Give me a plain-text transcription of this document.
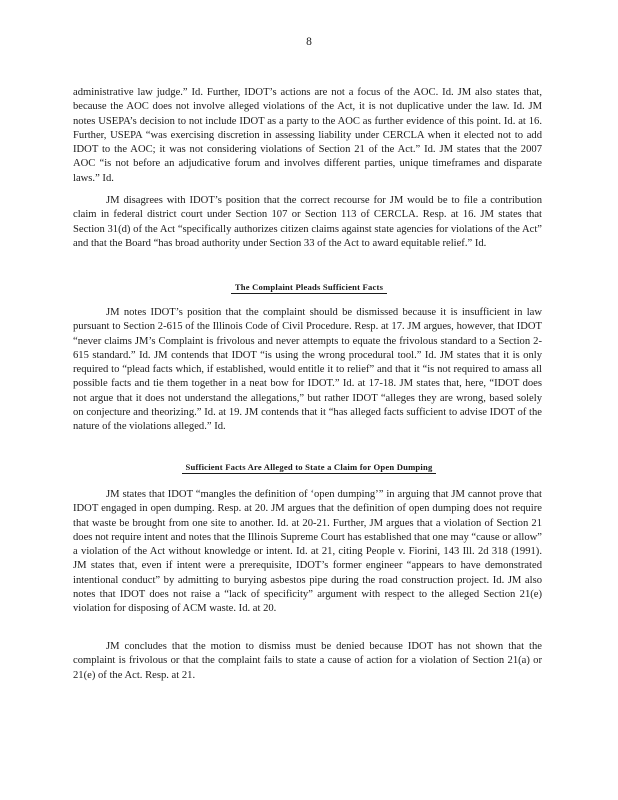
8

administrative law judge.” Id. Further, IDOT’s actions are not a focus of the AOC. Id. JM also states that, because the AOC does not involve alleged violations of the Act, it is not duplicative under the law. Id. JM notes USEPA’s decision to not include IDOT as a party to the AOC as further evidence of this point. Id. at 16. Further, USEPA “was exercising discretion in assessing liability under CERCLA when it elected not to add IDOT to the AOC; it was not considering violations of Section 21 of the Act.” Id. JM states that the 2007 AOC “is not before an adjudicative forum and involves different parties, unique timeframes and disparate laws.” Id.

JM disagrees with IDOT’s position that the correct recourse for JM would be to file a contribution claim in federal district court under Section 107 or Section 113 of CERCLA. Resp. at 16. JM states that Section 31(d) of the Act “specifically authorizes citizen claims against state agencies for violations of the Act” and that the Board “has broad authority under Section 33 of the Act to award equitable relief.” Id.

The Complaint Pleads Sufficient Facts

JM notes IDOT’s position that the complaint should be dismissed because it is insufficient in law pursuant to Section 2-615 of the Illinois Code of Civil Procedure. Resp. at 17. JM argues, however, that IDOT “never claims JM’s Complaint is frivolous and never attempts to equate the frivolous standard to a Section 2-615 standard.” Id. JM contends that IDOT “is using the wrong procedural tool.” Id. JM states that it is only required to “plead facts which, if established, would entitle it to relief” and that it “is not required to amass all possible facts and tie them together in a neat bow for IDOT.” Id. at 17-18. JM states that, here, “IDOT does not argue that it does not understand the allegations,” but rather IDOT “alleges they are wrong, based solely on conjecture and theorizing.” Id. at 19. JM contends that it “has alleged facts sufficient to advise IDOT of the nature of the violations alleged.” Id.

Sufficient Facts Are Alleged to State a Claim for Open Dumping

JM states that IDOT “mangles the definition of ‘open dumping’” in arguing that JM cannot prove that IDOT engaged in open dumping. Resp. at 20. JM argues that the definition of open dumping does not require that waste be brought from one site to another. Id. at 20-21. Further, JM argues that a violation of Section 21 does not require intent and notes that the Illinois Supreme Court has established that one may “cause or allow” a violation of the Act without knowledge or intent. Id. at 21, citing People v. Fiorini, 143 Ill. 2d 318 (1991). JM states that, even if intent were a prerequisite, IDOT’s former engineer “appears to have demonstrated intentional conduct” by admitting to burying asbestos pipe during the road construction project. Id. JM also notes that IDOT does not raise a “lack of specificity” argument with respect to the alleged Section 21(e) violation for disposing of ACM waste. Id. at 20.

JM concludes that the motion to dismiss must be denied because IDOT has not shown that the complaint is frivolous or that the complaint fails to state a cause of action for a violation of Section 21(a) or 21(e) of the Act. Resp. at 21.
